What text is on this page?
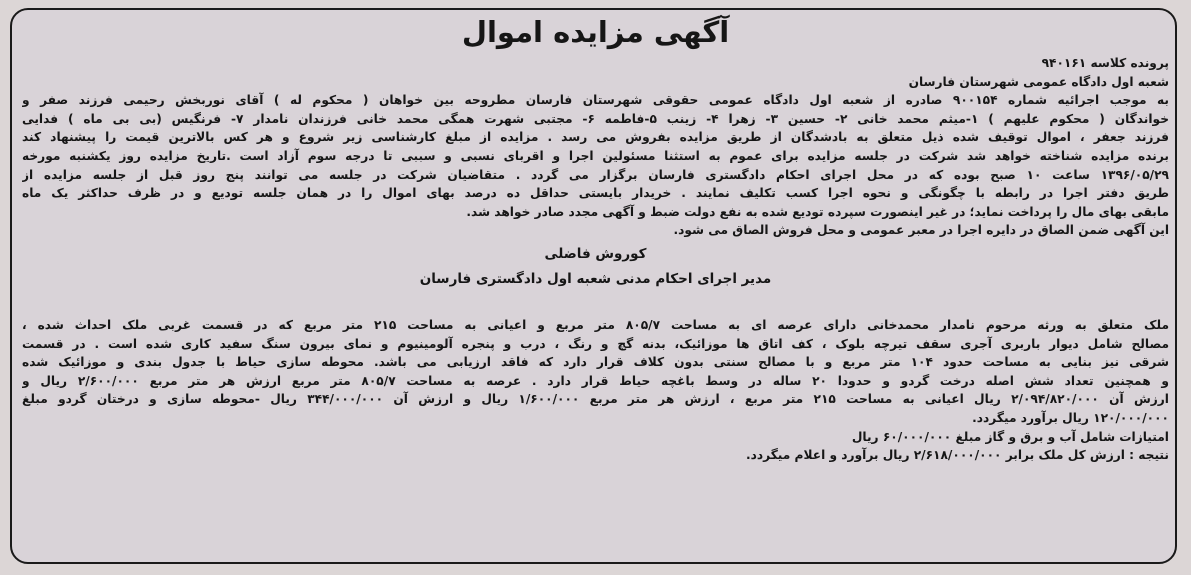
آگهی مزایده اموال
پرونده کلاسه ۹۴۰۱۶۱
شعبه اول دادگاه عمومی شهرستان فارسان
به موجب اجرائیه شماره ۹۰۰۱۵۴ صادره از شعبه اول دادگاه عمومی حقوقی شهرستان فارسان مطروحه بین خواهان ( محکوم له ) آقای نوربخش رحیمی فرزند صفر و
خواندگان ( محکوم علیهم ) ۱-میثم محمد خانی ۲- حسین ۳- زهرا ۴- زینب ۵-فاطمه ۶- مجتبی شهرت همگی محمد خانی فرزندان نامدار ۷- فرنگیس (بی بی ماه ) فدایی
فرزند جعفر ، اموال توقیف شده ذیل متعلق به بادشدگان از طریق مزایده بفروش می رسد . مزایده از مبلغ کارشناسی زیر شروع و هر کس بالاترین قیمت را پیشنهاد کند
برنده مزایده شناخته خواهد شد شرکت در جلسه مزایده برای عموم به استثنا مسئولین اجرا و اقربای نسبی و سببی تا درجه سوم آزاد است .تاریخ مزایده روز یکشنبه مورخه
۱۳۹۶/۰۵/۲۹ ساعت ۱۰ صبح بوده که در محل اجرای احکام دادگستری فارسان برگزار می گردد . متقاضیان شرکت در جلسه می توانند پنج روز قبل از جلسه مزایده از
طریق دفتر اجرا در رابطه با چگونگی و نحوه اجرا کسب تکلیف نمایند . خریدار بایستی حداقل ده درصد بهای اموال را در همان جلسه تودیع و در ظرف حداکثر یک ماه
مابقی بهای مال را پرداخت نماید؛ در غیر اینصورت سپرده تودیع شده به نفع دولت ضبط و آگهی مجدد صادر خواهد شد.
این آگهی ضمن الصاق در دایره اجرا در معبر عمومی و محل فروش الصاق می شود.
کوروش فاضلی
مدیر اجرای احکام مدنی شعبه اول دادگستری فارسان
ملک متعلق به ورثه مرحوم نامدار محمدخانی دارای عرصه ای به مساحت ۸۰۵/۷ متر مربع و اعیانی به مساحت ۲۱۵ متر مربع که در قسمت غربی ملک احداث شده ،
مصالح شامل دیوار باربری آجری سقف تیرچه بلوک ، کف اتاق ها موزائیک، بدنه گچ و رنگ ، درب و پنجره آلومینیوم و نمای بیرون سنگ سفید کاری شده است . در قسمت
شرقی نیز بنایی به مساحت حدود ۱۰۴ متر مربع و با مصالح سنتی بدون کلاف قرار دارد که فاقد ارزیابی می باشد. محوطه سازی حیاط با جدول بندی و موزائیک شده
و همچنین تعداد شش اصله درخت گردو و حدودا ۲۰ ساله در وسط باغچه حیاط قرار دارد . عرصه به مساحت ۸۰۵/۷ متر مربع ارزش هر متر مربع ۲/۶۰۰/۰۰۰ ریال و
ارزش آن ۲/۰۹۴/۸۲۰/۰۰۰ ریال اعیانی به مساحت ۲۱۵ متر مربع ، ارزش هر متر مربع ۱/۶۰۰/۰۰۰ ریال و ارزش آن ۳۴۴/۰۰۰/۰۰۰ ریال -محوطه سازی و درختان گردو مبلغ
۱۲۰/۰۰۰/۰۰۰ ریال برآورد میگردد.
امتیازات شامل آب و برق و گاز مبلغ ۶۰/۰۰۰/۰۰۰ ریال
نتیجه : ارزش کل ملک برابر ۲/۶۱۸/۰۰۰/۰۰۰ ریال برآورد و اعلام میگردد.
